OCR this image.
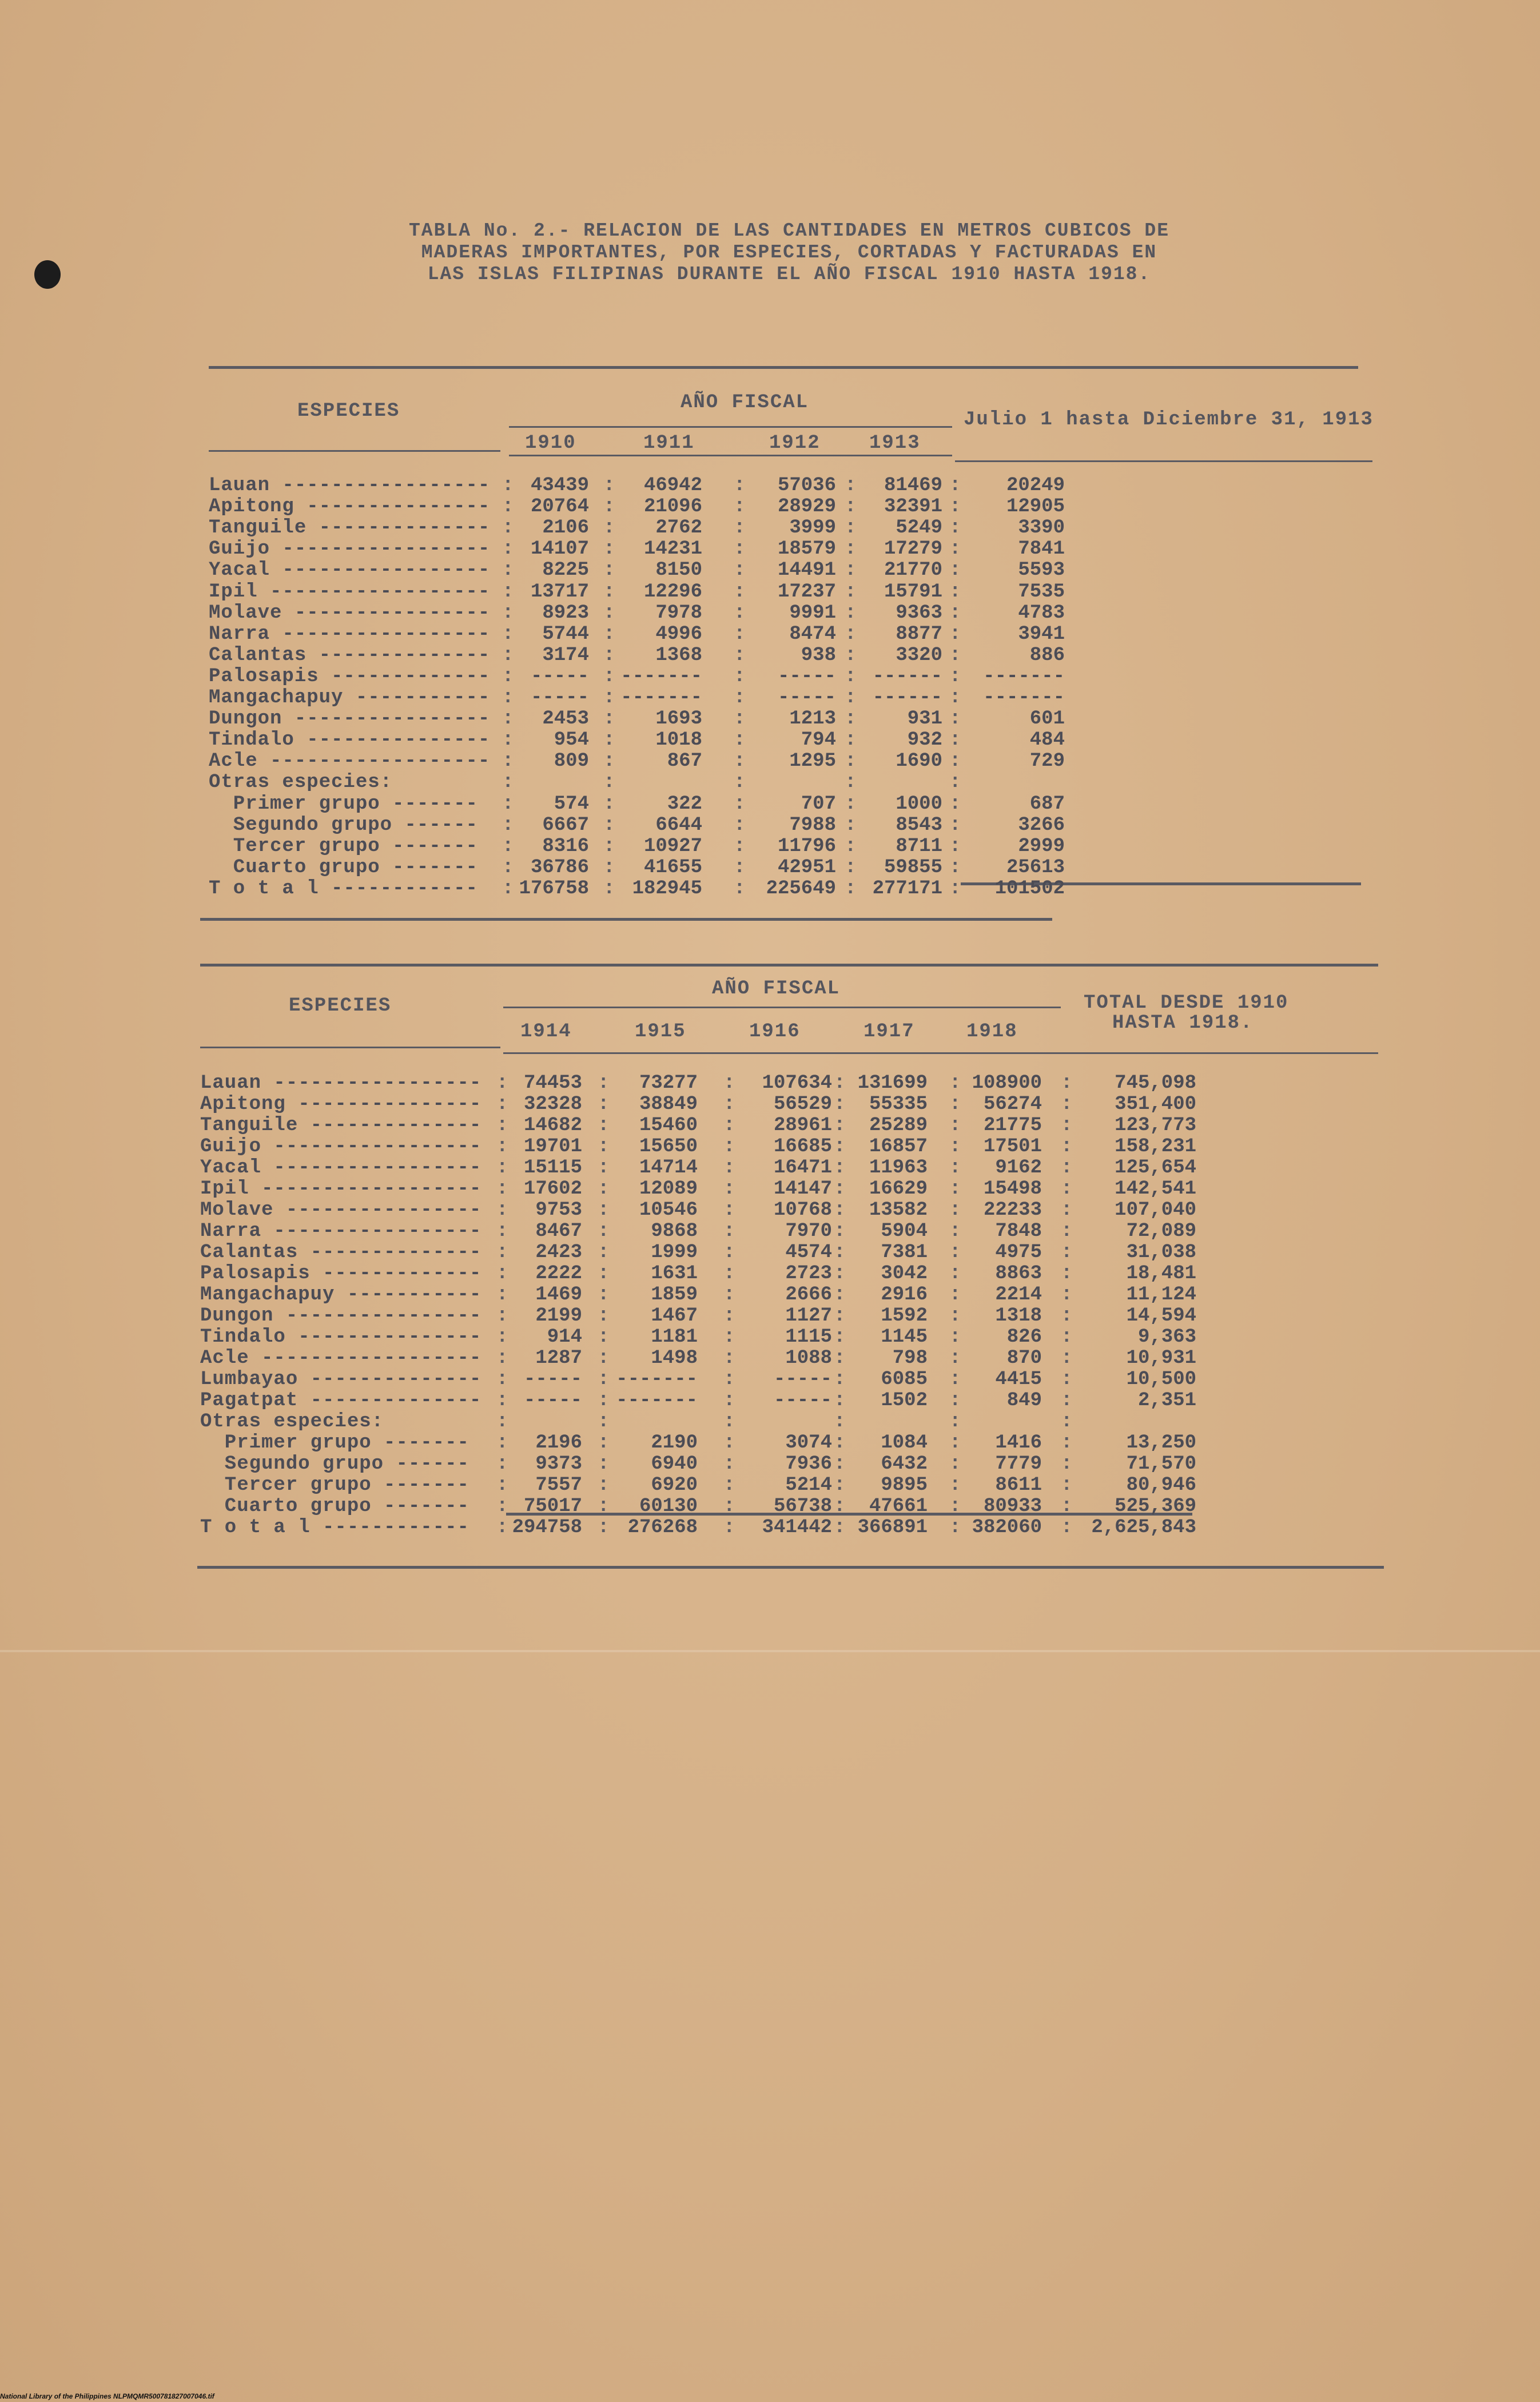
TABLA No. 2.- RELACION DE LAS CANTIDADES EN METROS CUBICOS DE
MADERAS IMPORTANTES, POR ESPECIES, CORTADAS Y FACTURADAS EN
LAS ISLAS FILIPINAS DURANTE EL AÑO FISCAL 1910 HASTA 1918.
ESPECIES	AÑO FISCAL
Julio 1 hasta Diciembre 31, 1913
1910	1911	1912	1913
Lauan ----------------- : 43439 :	46942 :	57036 :	81469 :	20249
Apitong --------------- : 20764 :	21096 :	28929 :	32391 :	12905
Tanguile -------------- :	2106 :	2762 :	3999 :	5249 :	3390
Guijo ----------------- : 14107 :	14231 :	18579 :	17279 :	7841
Yacal ----------------- :	8225 :	8150 :	14491 :	21770 :	5593
Ipil ------------------ : 13717 :	12296 :	17237 :	15791 :	7535
Molave ---------------- :	8923 :	7978 :	9991 :	9363 :	4783
Narra ----------------- :	5744 :	4996 :	8474 :	8877 :	3941
Calantas -------------- :	3174 :	1368 :	938 :	3320 :	886
Palosapis ------------- : ----- : ------- :	----- : ------ :	-------
Mangachapuy ----------- : ----- : ------- :	----- : ------ :	-------
Dungon ---------------- :	2453 :	1693 :	1213 :	931 :	601
Tindalo --------------- :	954 :	1018 :	794 :	932 :	484
Acle ------------------ :	809 :	867 :	1295 :	1690 :	729
Otras especies:	:	:	:	:	:
Primer grupo ------- :	574 :	322 :	707 :	1000 :	687
Segundo grupo ------ :	6667 :	6644 :	7988 :	8543 :	3266
Tercer grupo ------- :	8316 :	10927 :	11796 :	8711 :	2999
Cuarto grupo ------- : 36786 :	41655 :	42951 :	59855 :	25613
T o t a l ------------ : 176758 : 182945 :	225649 : 277171 :	101502
ESPECIES
AÑO FISCAL
TOTAL DESDE 1910
HASTA 1918.
1914	1915	1916	1917	1918
Lauan ----------------- : 74453 :	73277 :	107634 : 131699 : 108900 :	745,098
Apitong --------------- : 32328 :	38849 :	56529 :	55335 :	56274 :	351,400
Tanguile -------------- : 14682 :	15460 :	28961 :	25289 :	21775 :	123,773
Guijo ----------------- : 19701 :	15650 :	16685 :	16857 :	17501 :	158,231
Yacal ----------------- : 15115 :	14714 :	16471 :	11963 :	9162 :	125,654
Ipil ------------------ : 17602 :	12089 :	14147 :	16629 :	15498 :	142,541
Molave ---------------- :	9753 :	10546 :	10768 :	13582 :	22233 :	107,040
Narra ----------------- :	8467 :	9868 :	7970 :	5904 :	7848 :	72,089
Calantas -------------- :	2423 :	1999 :	4574 :	7381 :	4975 :	31,038
Palosapis ------------- :	2222 :	1631 :	2723 :	3042 :	8863 :	18,481
Mangachapuy ----------- :	1469 :	1859 :	2666 :	2916 :	2214 :	11,124
Dungon ---------------- :	2199 :	1467 :	1127 :	1592 :	1318 :	14,594
Tindalo --------------- :	914 :	1181 :	1115 :	1145 :	826 :	9,363
Acle ------------------ :	1287 :	1498 :	1088 :	798 :	870 :	10,931
Lumbayao -------------- : ----- : ------- :	----- :	6085 :	4415 :	10,500
Pagatpat -------------- : ----- : ------- :	----- :	1502 :	849 :	2,351
Otras especies:	:	:	:	:	:	:
Primer grupo ------- :	2196 :	2190 :	3074 :	1084 :	1416 :	13,250
Segundo grupo ------ :	9373 :	6940 :	7936 :	6432 :	7779 :	71,570
Tercer grupo ------- :	7557 :	6920 :	5214 :	9895 :	8611 :	80,946
Cuarto grupo ------- : 75017 :	60130 :	56738 :	47661 :	80933 :	525,369
T o t a l ------------ : 294758 : 276268 :	341442 : 366891 : 382060 : 2,625,843
National Library of the Philippines NLPMQMR500781827007046.tif
